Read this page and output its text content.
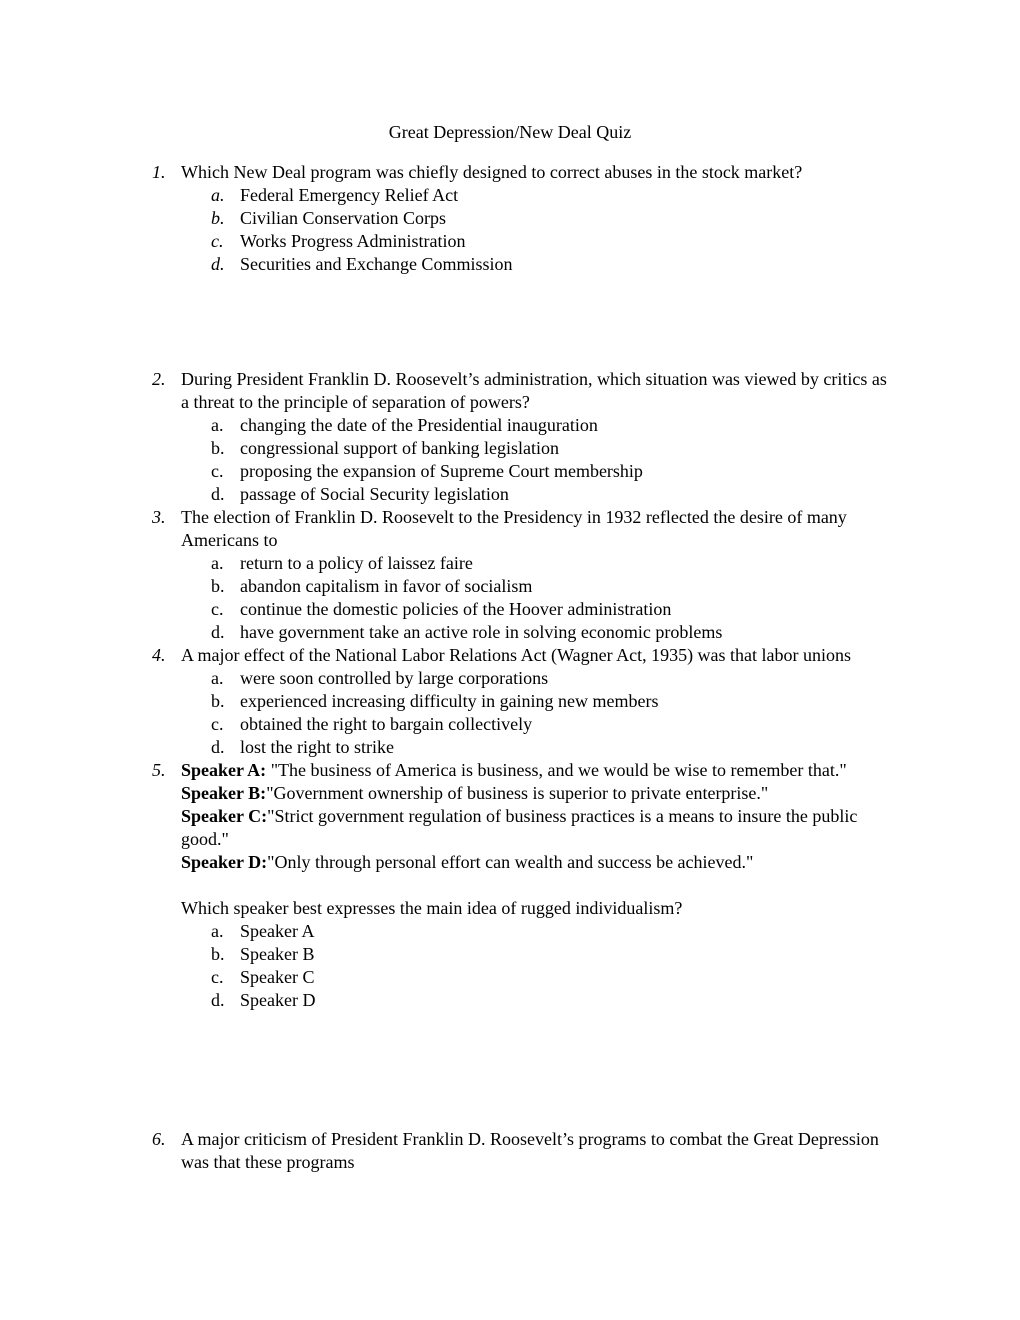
Great Depression/New Deal Quiz
1. Which New Deal program was chiefly designed to correct abuses in the stock market?
a. Federal Emergency Relief Act
b. Civilian Conservation Corps
c. Works Progress Administration
d. Securities and Exchange Commission
2. During President Franklin D. Roosevelt’s administration, which situation was viewed by critics as a threat to the principle of separation of powers?
a. changing the date of the Presidential inauguration
b. congressional support of banking legislation
c. proposing the expansion of Supreme Court membership
d. passage of Social Security legislation
3. The election of Franklin D. Roosevelt to the Presidency in 1932 reflected the desire of many Americans to
a. return to a policy of laissez faire
b. abandon capitalism in favor of socialism
c. continue the domestic policies of the Hoover administration
d. have government take an active role in solving economic problems
4. A major effect of the National Labor Relations Act (Wagner Act, 1935) was that labor unions
a. were soon controlled by large corporations
b. experienced increasing difficulty in gaining new members
c. obtained the right to bargain collectively
d. lost the right to strike
5. Speaker A: "The business of America is business, and we would be wise to remember that."
Speaker B:"Government ownership of business is superior to private enterprise."
Speaker C:"Strict government regulation of business practices is a means to insure the public good."
Speaker D:"Only through personal effort can wealth and success be achieved."
Which speaker best expresses the main idea of rugged individualism?
a. Speaker A
b. Speaker B
c. Speaker C
d. Speaker D
6. A major criticism of President Franklin D. Roosevelt’s programs to combat the Great Depression was that these programs
